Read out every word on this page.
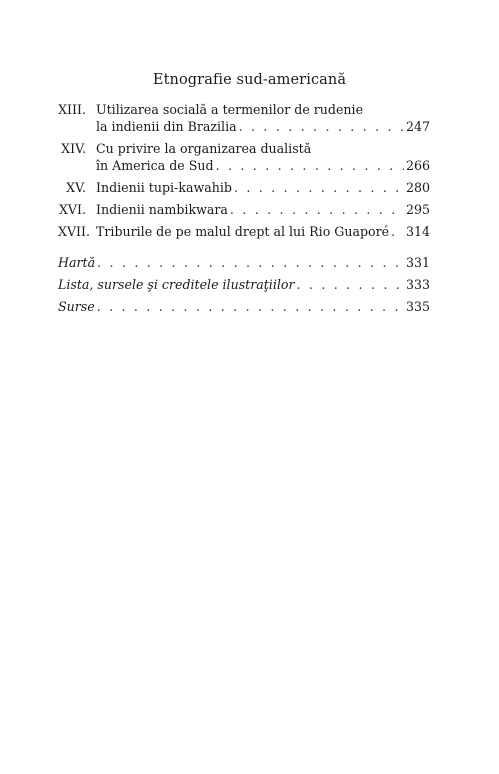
Etnografie sud-americană
XIII. Utilizarea socială a termenilor de rudenie
la indienii din Brazilia . . .	247
XIV. Cu privire la organizarea dualistă
în America de Sud . . .	266
XV. Indienii tupi-kawahib . . .	280
XVI. Indienii nambikwara . . .	295
XVII. Triburile de pe malul drept al lui Rio Guaporé . . . 314
Hartă . . .	331
Lista, sursele şi creditele ilustraţiilor . . .	333
Surse . . .	335
